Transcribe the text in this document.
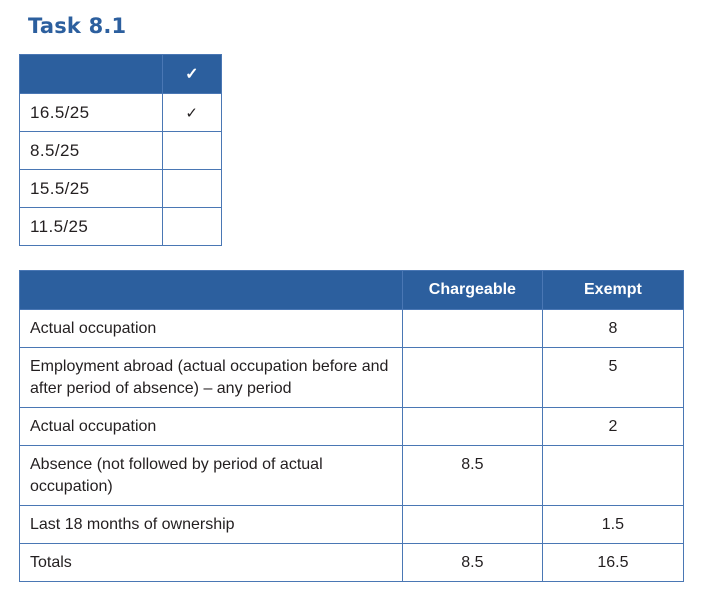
Task 8.1
	✓
16.5/25	✓
8.5/25	
15.5/25	
11.5/25	
	Chargeable	Exempt
Actual occupation		8
Employment abroad (actual occupation before and after period of absence) – any period		5
Actual occupation		2
Absence (not followed by period of actual occupation)	8.5	
Last 18 months of ownership		1.5
Totals	8.5	16.5
